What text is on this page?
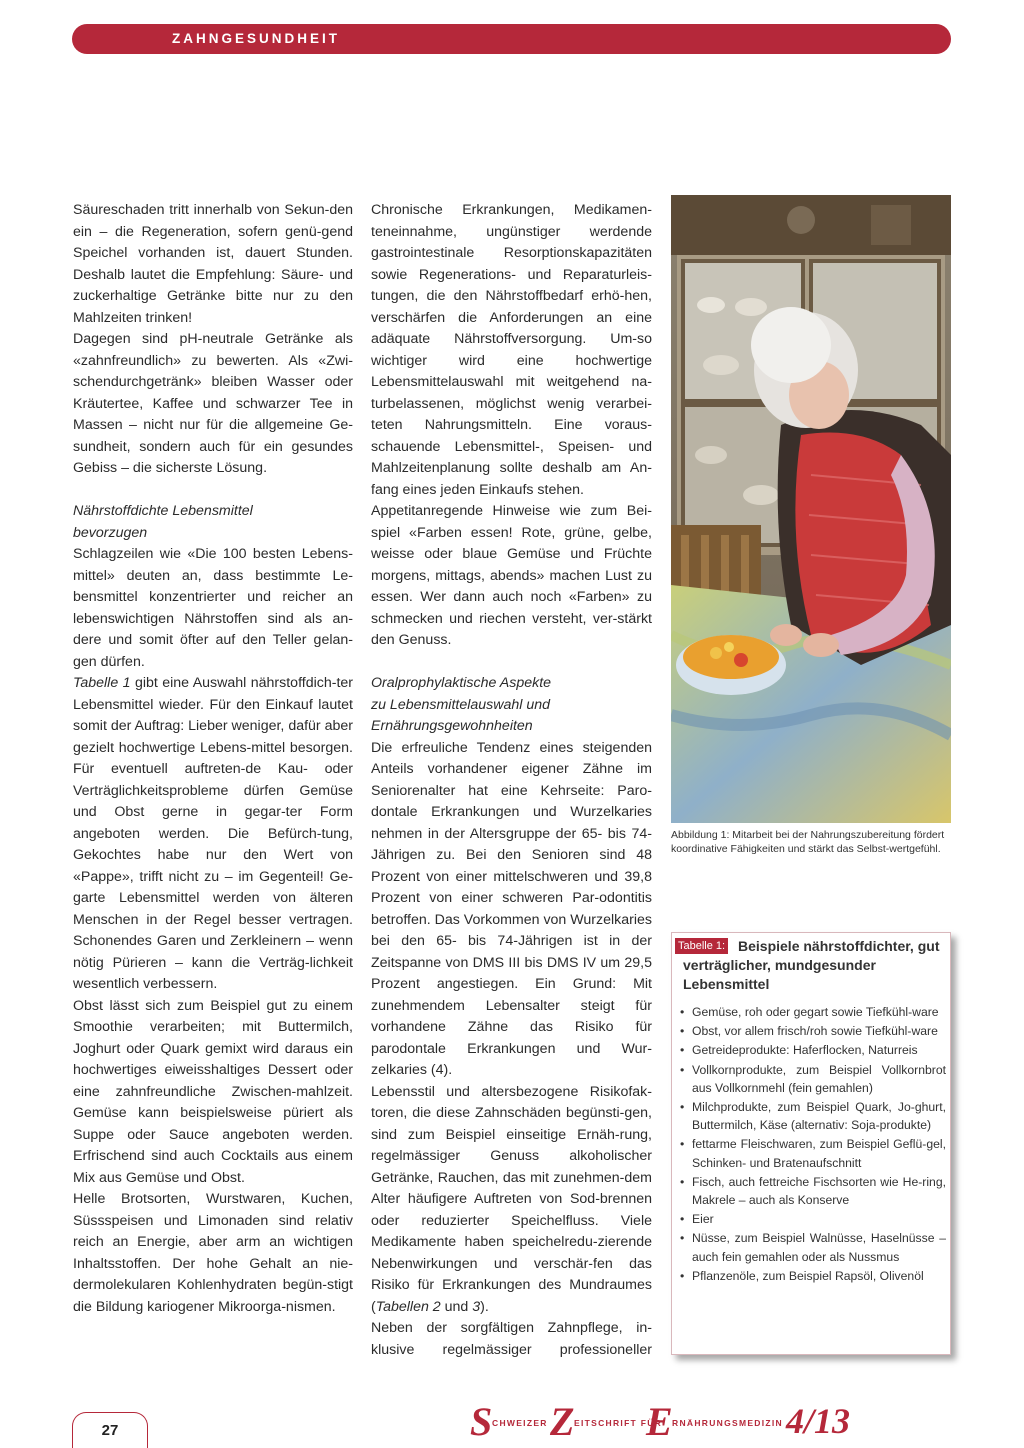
ZAHNGESUNDHEIT

Säureschaden tritt innerhalb von Sekun-den ein – die Regeneration, sofern genü-gend Speichel vorhanden ist, dauert Stunden. Deshalb lautet die Empfehlung: Säure- und zuckerhaltige Getränke bitte nur zu den Mahlzeiten trinken!

Dagegen sind pH-neutrale Getränke als «zahnfreundlich» zu bewerten. Als «Zwi-schendurchgetränk» bleiben Wasser oder Kräutertee, Kaffee und schwarzer Tee in Massen – nicht nur für die allgemeine Ge-sundheit, sondern auch für ein gesundes Gebiss – die sicherste Lösung.

Nährstoffdichte Lebensmittel
bevorzugen

Schlagzeilen wie «Die 100 besten Lebens-mittel» deuten an, dass bestimmte Le-bensmittel konzentrierter und reicher an lebenswichtigen Nährstoffen sind als an-dere und somit öfter auf den Teller gelan-gen dürfen.

Tabelle 1 gibt eine Auswahl nährstoffdich-ter Lebensmittel wieder. Für den Einkauf lautet somit der Auftrag: Lieber weniger, dafür aber gezielt hochwertige Lebens-mittel besorgen. Für eventuell auftreten-de Kau- oder Verträglichkeitsprobleme dürfen Gemüse und Obst gerne in gegar-ter Form angeboten werden. Die Befürch-tung, Gekochtes habe nur den Wert von «Pappe», trifft nicht zu – im Gegenteil! Ge-garte Lebensmittel werden von älteren Menschen in der Regel besser vertragen. Schonendes Garen und Zerkleinern – wenn nötig Pürieren – kann die Verträg-lichkeit wesentlich verbessern.

Obst lässt sich zum Beispiel gut zu einem Smoothie verarbeiten; mit Buttermilch, Joghurt oder Quark gemixt wird daraus ein hochwertiges eiweisshaltiges Dessert oder eine zahnfreundliche Zwischen-mahlzeit. Gemüse kann beispielsweise püriert als Suppe oder Sauce angeboten werden. Erfrischend sind auch Cocktails aus einem Mix aus Gemüse und Obst.

Helle Brotsorten, Wurstwaren, Kuchen, Süssspeisen und Limonaden sind relativ reich an Energie, aber arm an wichtigen Inhaltsstoffen. Der hohe Gehalt an nie-dermolekularen Kohlenhydraten begün-stigt die Bildung kariogener Mikroorga-nismen.

Chronische Erkrankungen, Medikamen-teneinnahme, ungünstiger werdende gastrointestinale Resorptionskapazitäten sowie Regenerations- und Reparaturleis-tungen, die den Nährstoffbedarf erhö-hen, verschärfen die Anforderungen an eine adäquate Nährstoffversorgung. Um-so wichtiger wird eine hochwertige Lebensmittelauswahl mit weitgehend na-turbelassenen, möglichst wenig verarbei-teten Nahrungsmitteln. Eine voraus-schauende Lebensmittel-, Speisen- und Mahlzeitenplanung sollte deshalb am An-fang eines jeden Einkaufs stehen.

Appetitanregende Hinweise wie zum Bei-spiel «Farben essen! Rote, grüne, gelbe, weisse oder blaue Gemüse und Früchte morgens, mittags, abends» machen Lust zu essen. Wer dann auch noch «Farben» zu schmecken und riechen versteht, ver-stärkt den Genuss.

Oralprophylaktische Aspekte
zu Lebensmittelauswahl und
Ernährungsgewohnheiten

Die erfreuliche Tendenz eines steigenden Anteils vorhandener eigener Zähne im Seniorenalter hat eine Kehrseite: Paro-dontale Erkrankungen und Wurzelkaries nehmen in der Altersgruppe der 65- bis 74-Jährigen zu. Bei den Senioren sind 48 Prozent von einer mittelschweren und 39,8 Prozent von einer schweren Par-odontitis betroffen. Das Vorkommen von Wurzelkaries bei den 65- bis 74-Jährigen ist in der Zeitspanne von DMS III bis DMS IV um 29,5 Prozent angestiegen. Ein Grund: Mit zunehmendem Lebensalter steigt für vorhandene Zähne das Risiko für parodontale Erkrankungen und Wur-zelkaries (4).

Lebensstil und altersbezogene Risikofak-toren, die diese Zahnschäden begünsti-gen, sind zum Beispiel einseitige Ernäh-rung, regelmässiger Genuss alkoholischer Getränke, Rauchen, das mit zunehmen-dem Alter häufigere Auftreten von Sod-brennen oder reduzierter Speichelfluss. Viele Medikamente haben speichelredu-zierende Nebenwirkungen und verschär-fen das Risiko für Erkrankungen des Mundraumes (Tabellen 2 und 3).

Neben der sorgfältigen Zahnpflege, in-klusive regelmässiger professioneller

Abbildung 1: Mitarbeit bei der Nahrungszubereitung fördert koordinative Fähigkeiten und stärkt das Selbst-wertgefühl.
Beispiele nährstoffdichter, gut verträglicher, mundgesunder Lebensmittel
Tabelle 1:
• Gemüse, roh oder gegart sowie Tiefkühl-ware
• Obst, vor allem frisch/roh sowie Tiefkühl-ware
• Getreideprodukte: Haferflocken, Naturreis
• Vollkornprodukte, zum Beispiel Vollkornbrot aus Vollkornmehl (fein gemahlen)
• Milchprodukte, zum Beispiel Quark, Jo-ghurt, Buttermilch, Käse (alternativ: Soja-produkte)
• fettarme Fleischwaren, zum Beispiel Geflü-gel, Schinken- und Bratenaufschnitt
• Fisch, auch fettreiche Fischsorten wie He-ring, Makrele – auch als Konserve
• Eier
• Nüsse, zum Beispiel Walnüsse, Haselnüsse – auch fein gemahlen oder als Nussmus
• Pflanzenöle, zum Beispiel Rapsöl, Olivenöl
27	S CHWEIZER Z EITSCHRIFT FÜR
E RNÄHRUNGSMEDIZIN 4/13
